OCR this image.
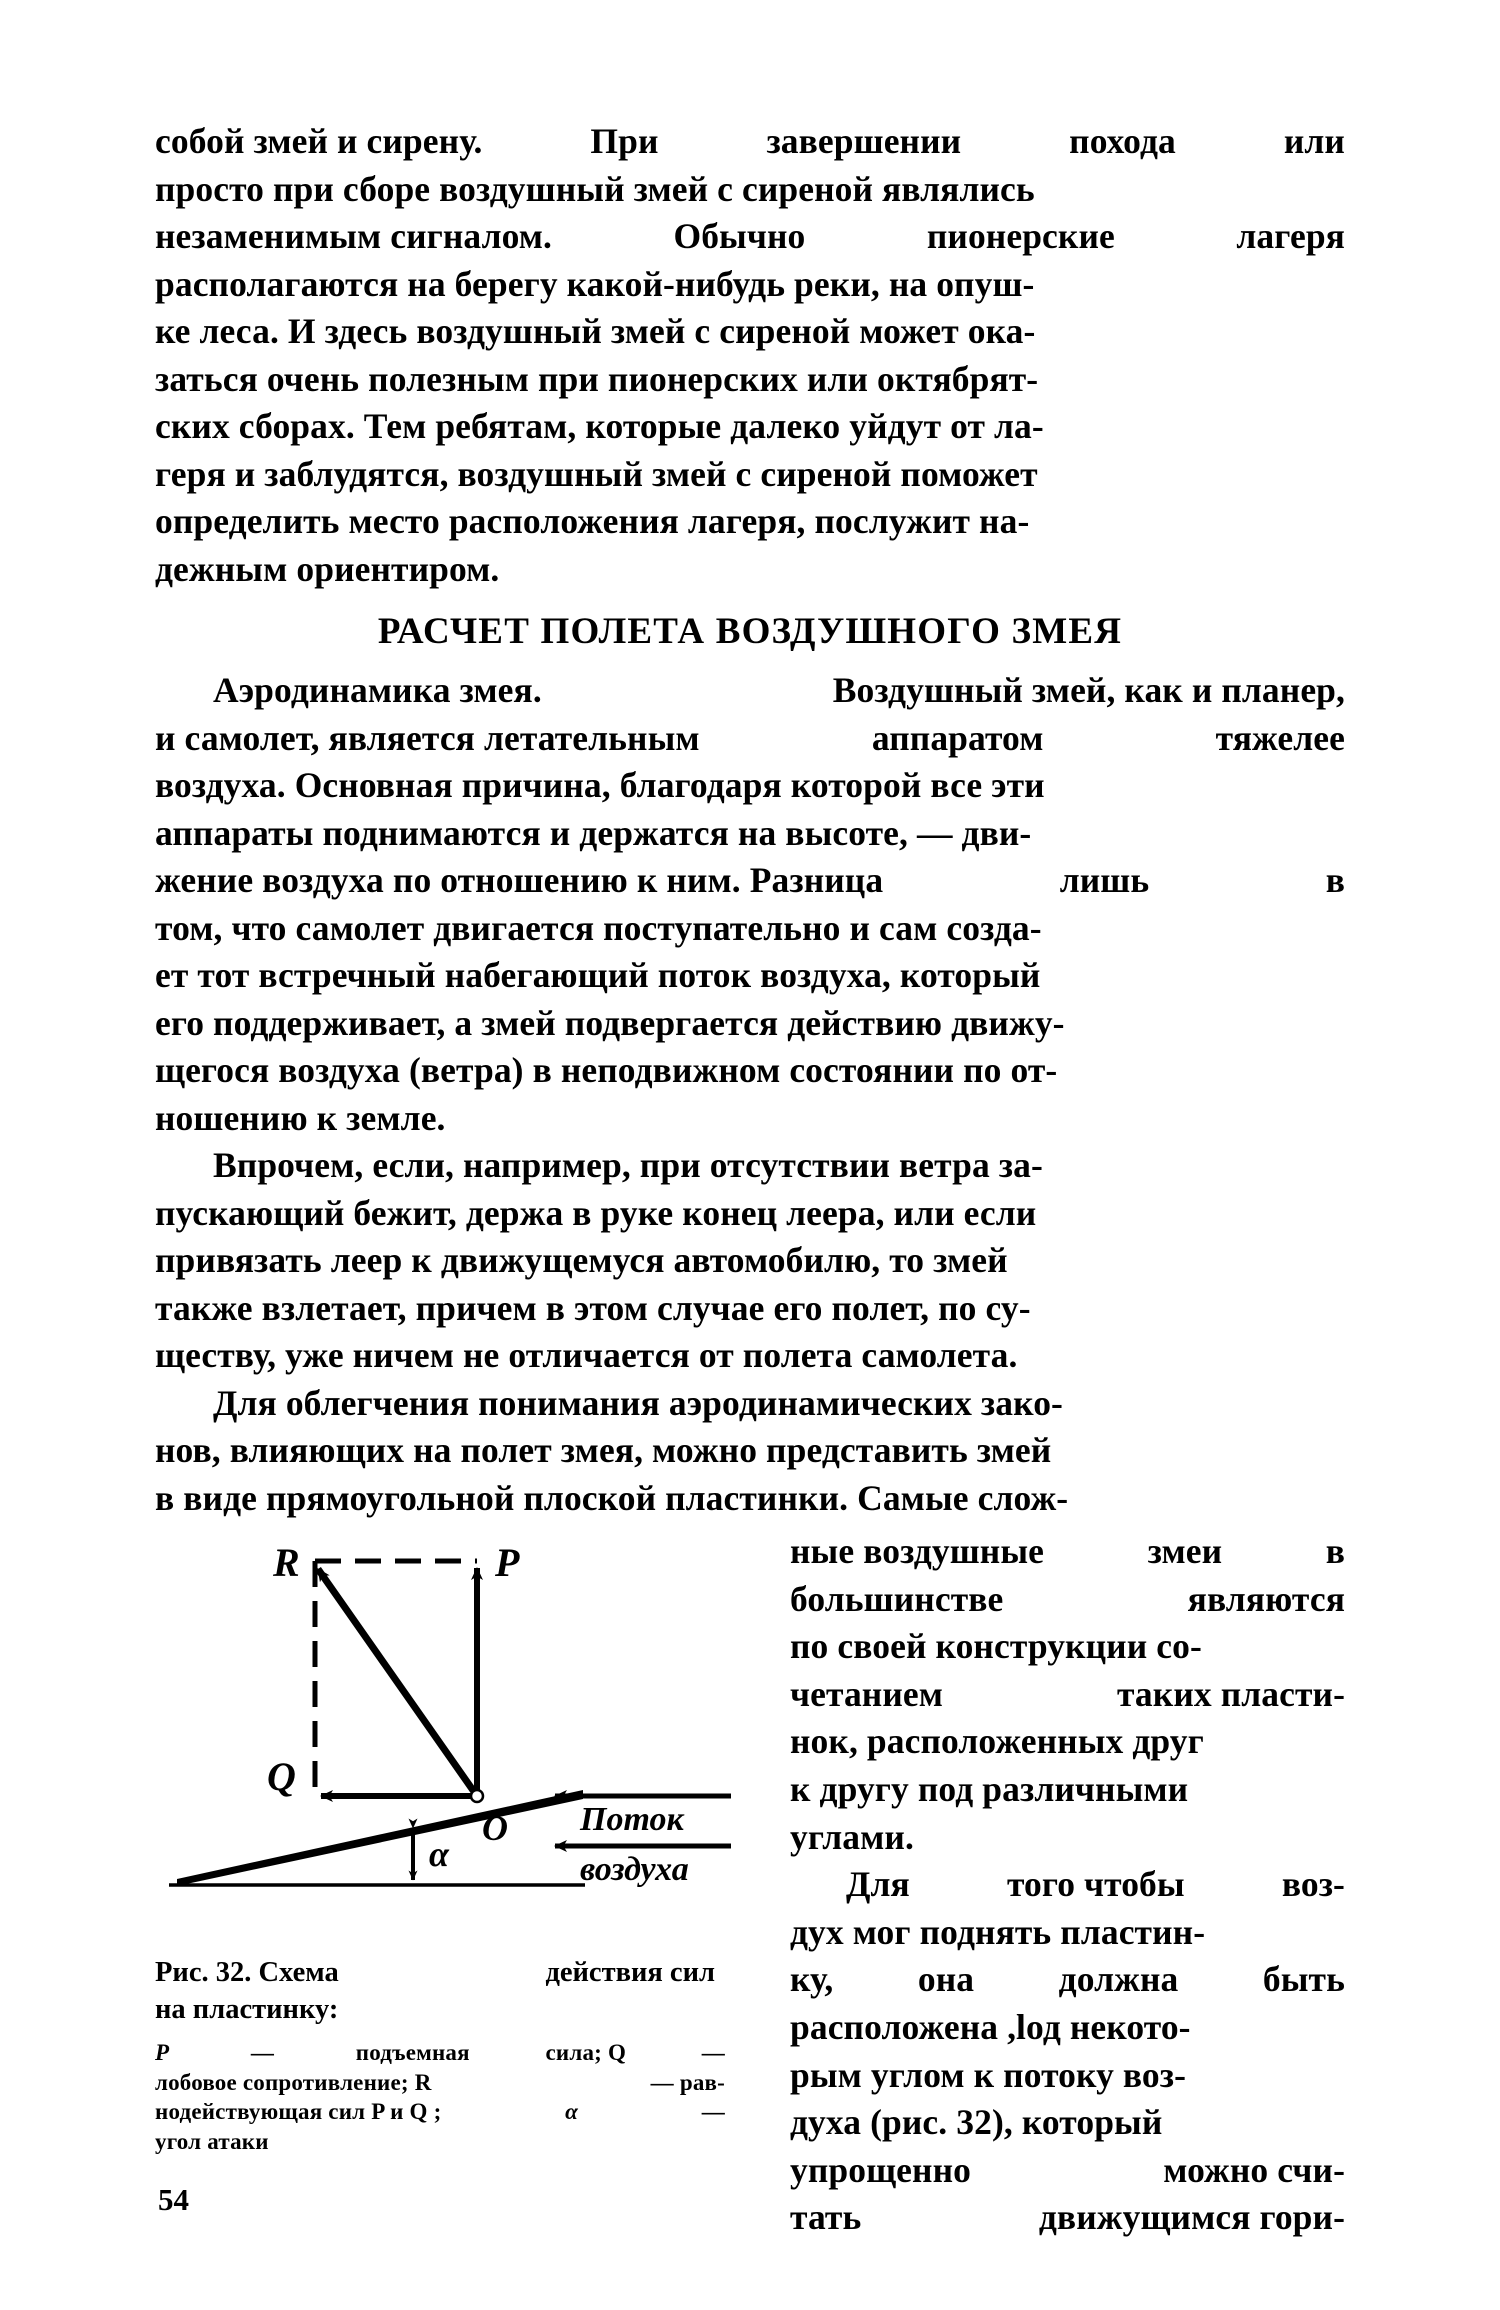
собой змей и сирену.	При	завершении	похода	или
просто при сборе воздушный змей с сиреной являлись
незаменимым сигналом.	Обычно	пионерские	лагеря
располагаются на берегу какой-нибудь реки, на опуш-
ке леса. И здесь воздушный змей с сиреной может ока-
заться очень полезным при пионерских или октябрят-
ских сборах. Тем ребятам, которые далеко уйдут от ла-
геря и заблудятся, воздушный змей с сиреной поможет
определить место расположения лагеря, послужит на-
дежным ориентиром.
РАСЧЕТ ПОЛЕТА ВОЗДУШНОГО ЗМЕЯ
Аэродинамика змея.	Воздушный змей, как и планер,
и самолет, является летательным	аппаратом	тяжелее
воздуха. Основная причина, благодаря которой все эти
аппараты поднимаются и держатся на высоте, — дви-
жение воздуха по отношению к ним. Разница	лишь	в
том, что самолет двигается поступательно и сам созда-
ет тот встречный набегающий поток воздуха, который
его поддерживает, а змей подвергается действию движу-
щегося воздуха (ветра) в неподвижном состоянии по от-
ношению к земле.
Впрочем, если, например, при отсутствии ветра за-
пускающий бежит, держа в руке конец леера, или если
привязать леер к движущемуся автомобилю, то змей
также взлетает, причем в этом случае его полет, по су-
ществу, уже ничем не отличается от полета самолета.
Для облегчения понимания аэродинамических зако-
нов, влияющих на полет змея, можно представить змей
в виде прямоугольной плоской пластинки. Самые слож-
R	P
Q
O
α
Поток
воздуха
Рис. 32. Схема	действия сил
на пластинку:
P	—	подъемная	сила; Q	—
лобовое сопротивление; R	— рав-
нодействующая сил P и Q ;	α	—
угол атаки
ные воздушные	змеи	в
большинстве	являются
по своей конструкции со-
четанием	таких пласти-
нок, расположенных друг
к другу под различными
углами.
Для	того чтобы	воз-
дух мог поднять пластин-
ку, она должна быть
расположена ,lод некото-
рым углом к потоку воз-
духа (рис. 32), который
упрощенно	можно счи-
тать	движущимся гори-
54
